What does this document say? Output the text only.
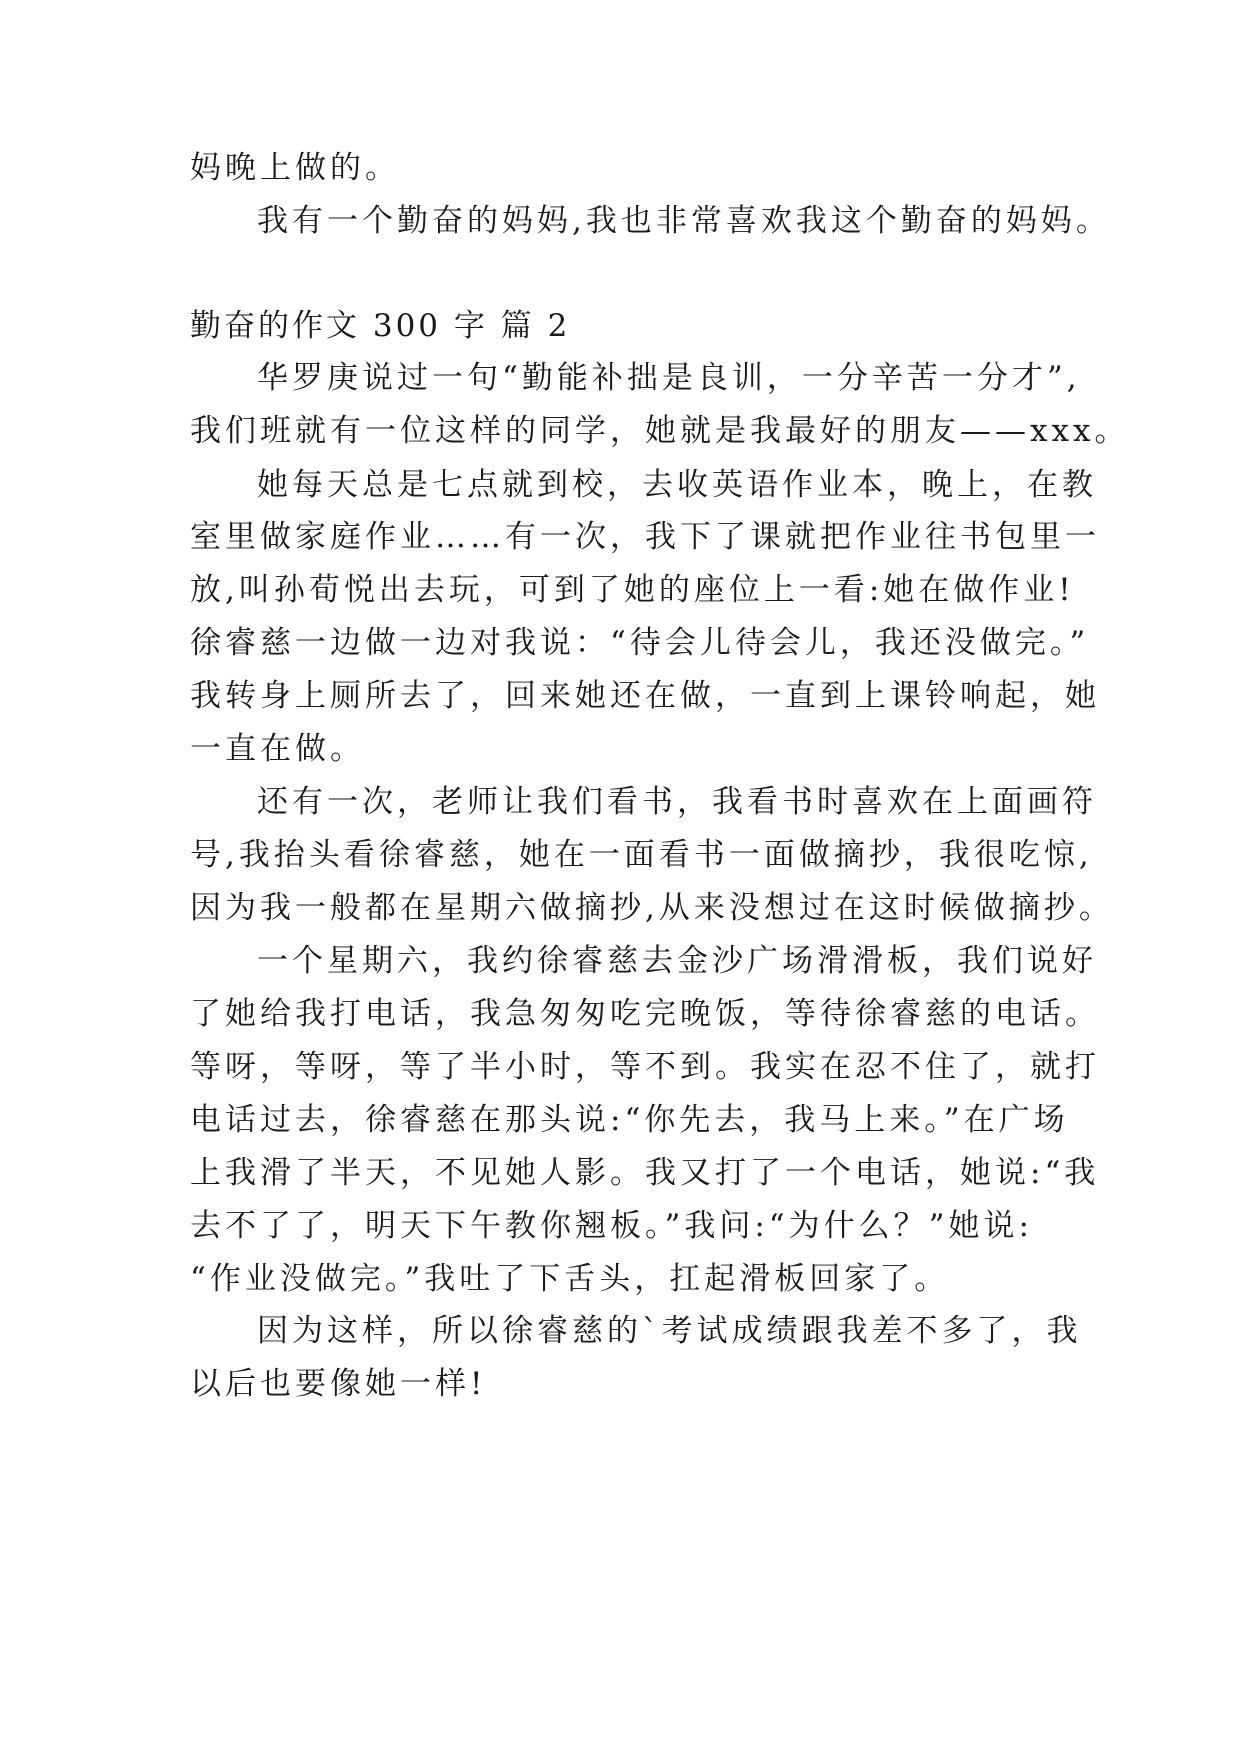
妈晚上做的。
我有一个勤奋的妈妈,我也非常喜欢我这个勤奋的妈妈。
勤奋的作文 300 字 篇 2
华罗庚说过一句“勤能补拙是良训，一分辛苦一分才”,
我们班就有一位这样的同学，她就是我最好的朋友——xxx。
她每天总是七点就到校，去收英语作业本，晚上，在教
室里做家庭作业……有一次，我下了课就把作业往书包里一
放,叫孙荀悦出去玩，可到了她的座位上一看:她在做作业!
徐睿慈一边做一边对我说：“待会儿待会儿，我还没做完。”
我转身上厕所去了，回来她还在做，一直到上课铃响起，她
一直在做。
还有一次，老师让我们看书，我看书时喜欢在上面画符
号,我抬头看徐睿慈，她在一面看书一面做摘抄，我很吃惊,
因为我一般都在星期六做摘抄,从来没想过在这时候做摘抄。
一个星期六，我约徐睿慈去金沙广场滑滑板，我们说好
了她给我打电话，我急匆匆吃完晚饭，等待徐睿慈的电话。
等呀，等呀，等了半小时，等不到。我实在忍不住了，就打
电话过去，徐睿慈在那头说:“你先去，我马上来。”在广场
上我滑了半天，不见她人影。我又打了一个电话，她说:“我
去不了了，明天下午教你翘板。”我问:“为什么？”她说:
“作业没做完。”我吐了下舌头，扛起滑板回家了。
因为这样，所以徐睿慈的`考试成绩跟我差不多了，我
以后也要像她一样!
